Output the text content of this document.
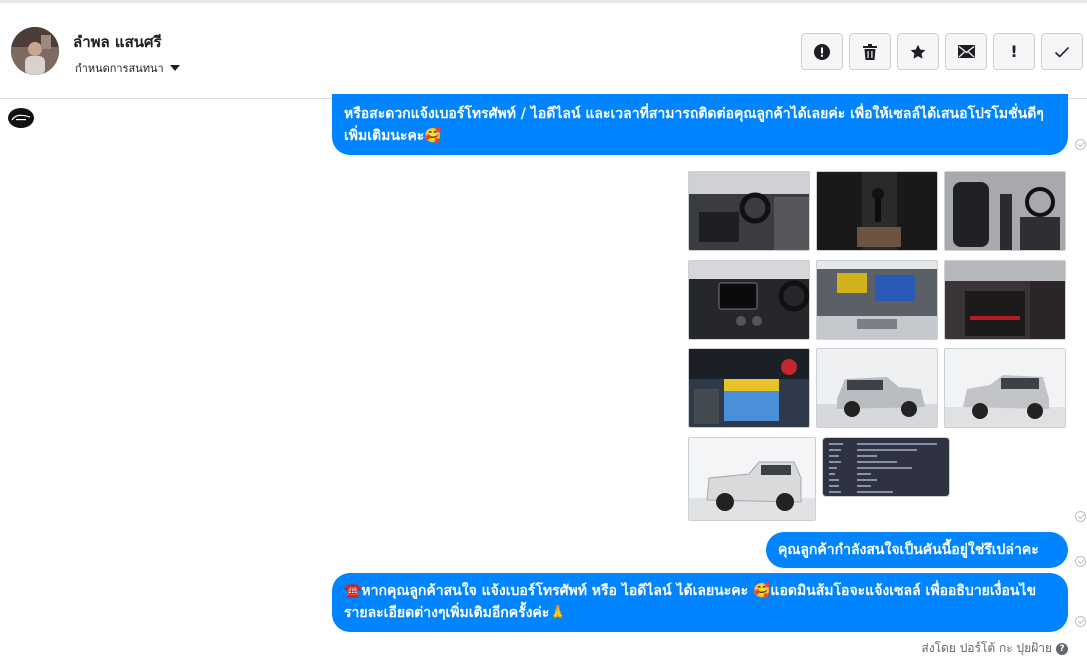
ลำพล แสนศรี
กำหนดการสนทนา
!
หรือสะดวกแจ้งเบอร์โทรศัพท์ / ไอดีไลน์ และเวลาที่สามารถติดต่อคุณลูกค้าได้เลยค่ะ เพื่อให้เซลล์ได้เสนอโปรโมชั่นดีๆเพิ่มเติมนะคะ🥰
คุณลูกค้ากำลังสนใจเป็นคันนี้อยู่ใช่รึเปล่าคะ
☎️หากคุณลูกค้าสนใจ แจ้งเบอร์โทรศัพท์ หรือ ไอดีไลน์ ได้เลยนะคะ 🥰แอดมินส้มโอจะแจ้งเซลล์ เพื่ออธิบายเงื่อนไขรายละเอียดต่างๆเพิ่มเติมอีกครั้งค่ะ🙏
ส่งโดย ปอร์โต้ กะ ปุยฝ้าย ?
